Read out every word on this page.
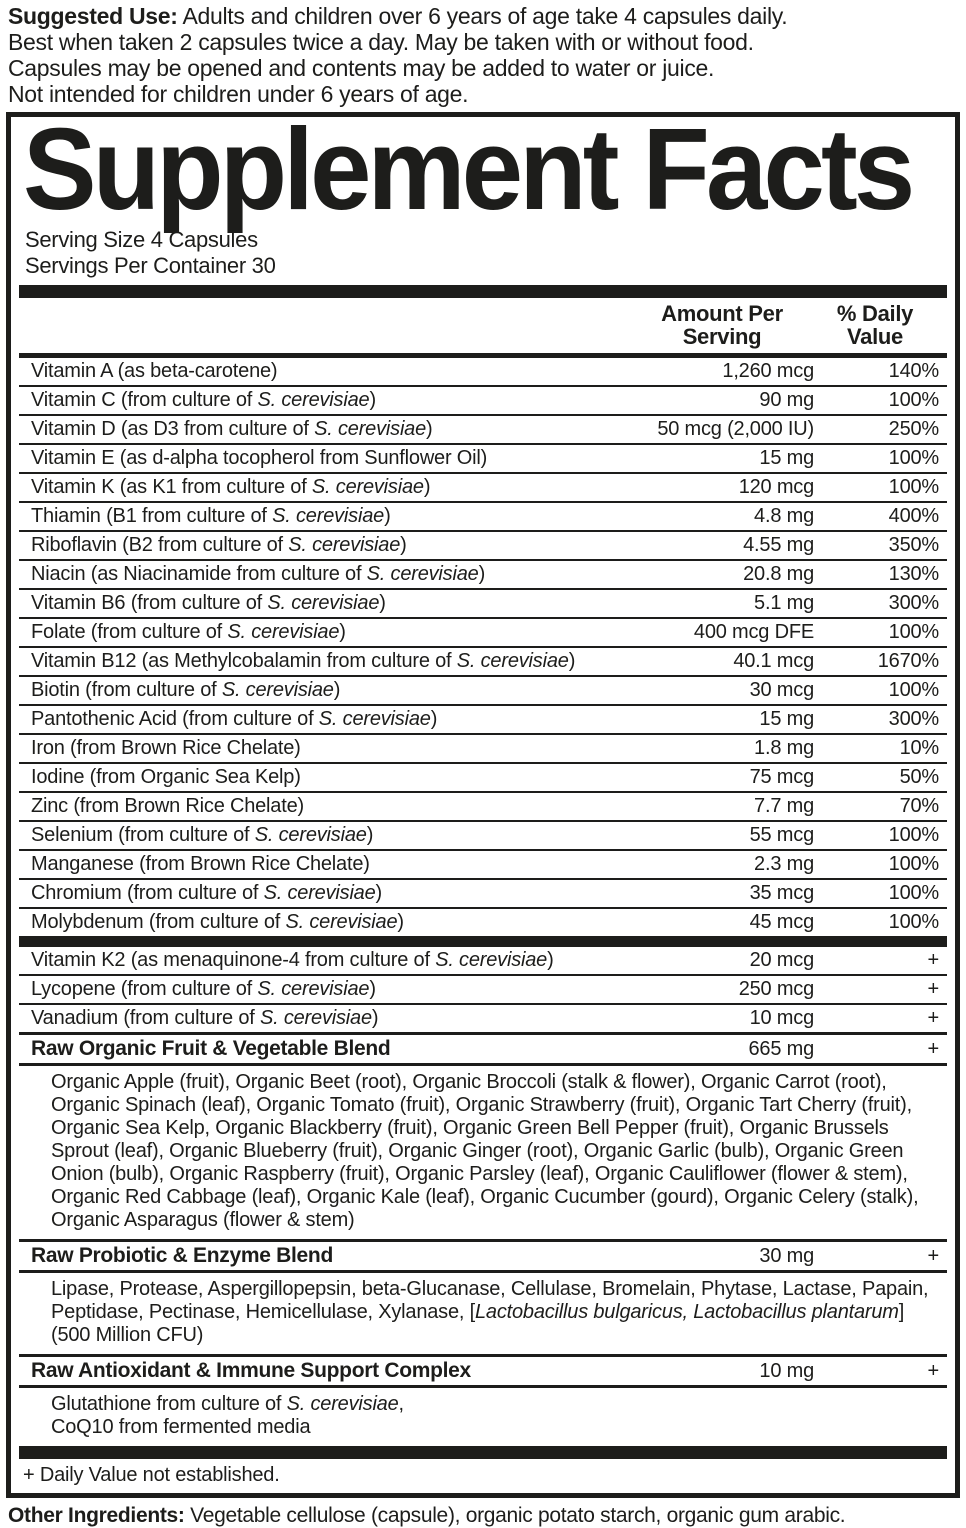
Suggested Use: Adults and children over 6 years of age take 4 capsules daily.
Best when taken 2 capsules twice a day. May be taken with or without food.
Capsules may be opened and contents may be added to water or juice.
Not intended for children under 6 years of age.

Supplement Facts

Serving Size 4 Capsules

Servings Per Container 30

Amount Per
Serving
% Daily
Value
Vitamin A (as beta-carotene)	1,260 mcg	140%
Vitamin C (from culture of S. cerevisiae)	90 mg	100%
Vitamin D (as D3 from culture of S. cerevisiae)	50 mcg (2,000 IU)	250%
Vitamin E (as d-alpha tocopherol from Sunflower Oil)	15 mg	100%
Vitamin K (as K1 from culture of S. cerevisiae)	120 mcg	100%
Thiamin (B1 from culture of S. cerevisiae)	4.8 mg	400%
Riboflavin (B2 from culture of S. cerevisiae)	4.55 mg	350%
Niacin (as Niacinamide from culture of S. cerevisiae)	20.8 mg	130%
Vitamin B6 (from culture of S. cerevisiae)	5.1 mg	300%
Folate (from culture of S. cerevisiae)	400 mcg DFE	100%
Vitamin B12 (as Methylcobalamin from culture of S. cerevisiae)	40.1 mcg	1670%
Biotin (from culture of S. cerevisiae)	30 mcg	100%
Pantothenic Acid (from culture of S. cerevisiae)	15 mg	300%
Iron (from Brown Rice Chelate)	1.8 mg	10%
Iodine (from Organic Sea Kelp)	75 mcg	50%
Zinc (from Brown Rice Chelate)	7.7 mg	70%
Selenium (from culture of S. cerevisiae)	55 mcg	100%
Manganese (from Brown Rice Chelate)	2.3 mg	100%
Chromium (from culture of S. cerevisiae)	35 mcg	100%
Molybdenum (from culture of S. cerevisiae)	45 mcg	100%
Vitamin K2 (as menaquinone-4 from culture of S. cerevisiae)	20 mcg	+
Lycopene (from culture of S. cerevisiae)	250 mcg	+
Vanadium (from culture of S. cerevisiae)	10 mcg	+
Raw Organic Fruit & Vegetable Blend	665 mg	+
Organic Apple (fruit), Organic Beet (root), Organic Broccoli (stalk & flower), Organic Carrot (root), Organic Spinach (leaf), Organic Tomato (fruit), Organic Strawberry (fruit), Organic Tart Cherry (fruit), Organic Sea Kelp, Organic Blackberry (fruit), Organic Green Bell Pepper (fruit), Organic Brussels Sprout (leaf), Organic Blueberry (fruit), Organic Ginger (root), Organic Garlic (bulb), Organic Green Onion (bulb), Organic Raspberry (fruit), Organic Parsley (leaf), Organic Cauliflower (flower & stem), Organic Red Cabbage (leaf), Organic Kale (leaf), Organic Cucumber (gourd), Organic Celery (stalk), Organic Asparagus (flower & stem)
Raw Probiotic & Enzyme Blend	30 mg	+
Lipase, Protease, Aspergillopepsin, beta-Glucanase, Cellulase, Bromelain, Phytase, Lactase, Papain, Peptidase, Pectinase, Hemicellulase, Xylanase, [Lactobacillus bulgaricus, Lactobacillus plantarum] (500 Million CFU)
Raw Antioxidant & Immune Support Complex	10 mg	+
Glutathione from culture of S. cerevisiae,
CoQ10 from fermented media

+ Daily Value not established.

Other Ingredients: Vegetable cellulose (capsule), organic potato starch, organic gum arabic.
